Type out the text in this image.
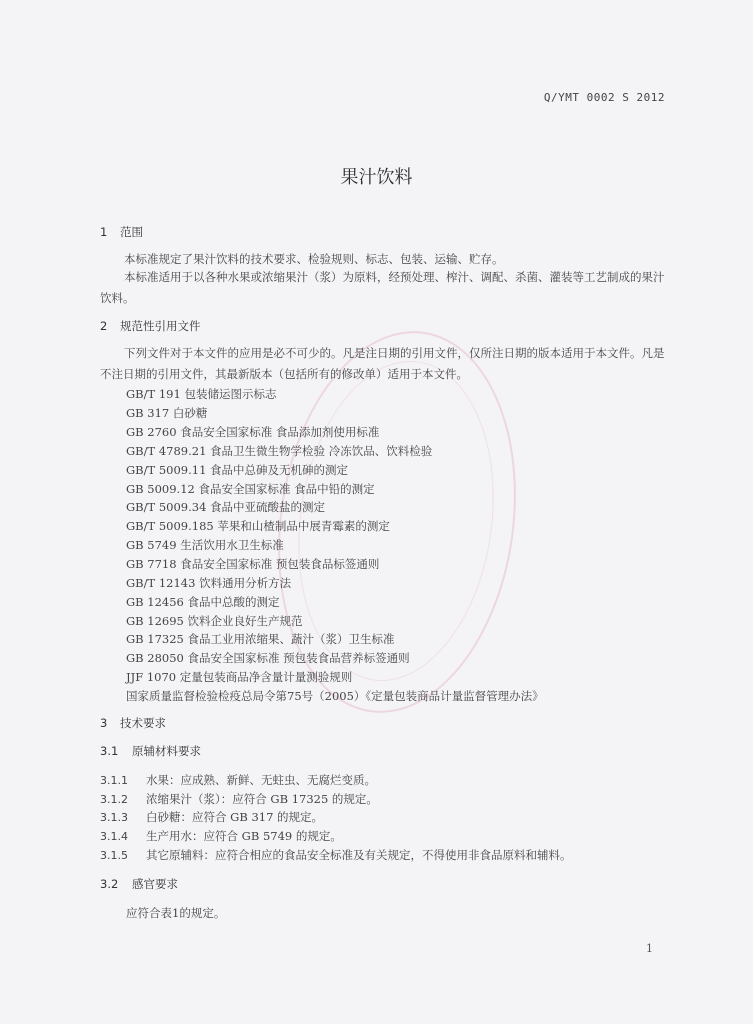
Q/YMT 0002 S 2012
果汁饮料
1 范围
本标准规定了果汁饮料的技术要求、检验规则、标志、包装、运输、贮存。
本标准适用于以各种水果或浓缩果汁（浆）为原料，经预处理、榨汁、调配、杀菌、灌装等工艺制成的果汁饮料。
2 规范性引用文件
下列文件对于本文件的应用是必不可少的。凡是注日期的引用文件，仅所注日期的版本适用于本文件。凡是不注日期的引用文件，其最新版本（包括所有的修改单）适用于本文件。
GB/T 191 包装储运图示标志
GB 317 白砂糖
GB 2760 食品安全国家标准 食品添加剂使用标准
GB/T 4789.21 食品卫生微生物学检验 冷冻饮品、饮料检验
GB/T 5009.11 食品中总砷及无机砷的测定
GB 5009.12 食品安全国家标准 食品中铅的测定
GB/T 5009.34 食品中亚硫酸盐的测定
GB/T 5009.185 苹果和山楂制品中展青霉素的测定
GB 5749 生活饮用水卫生标准
GB 7718 食品安全国家标准 预包装食品标签通则
GB/T 12143 饮料通用分析方法
GB 12456 食品中总酸的测定
GB 12695 饮料企业良好生产规范
GB 17325 食品工业用浓缩果、蔬汁（浆）卫生标准
GB 28050 食品安全国家标准 预包装食品营养标签通则
JJF 1070 定量包装商品净含量计量测验规则
国家质量监督检验检疫总局令第75号（2005）《定量包装商品计量监督管理办法》
3 技术要求
3.1 原辅材料要求
3.1.1 水果：应成熟、新鲜、无蛀虫、无腐烂变质。
3.1.2 浓缩果汁（浆）：应符合 GB 17325 的规定。
3.1.3 白砂糖：应符合 GB 317 的规定。
3.1.4 生产用水：应符合 GB 5749 的规定。
3.1.5 其它原辅料：应符合相应的食品安全标准及有关规定，不得使用非食品原料和辅料。
3.2 感官要求
应符合表1的规定。
1
